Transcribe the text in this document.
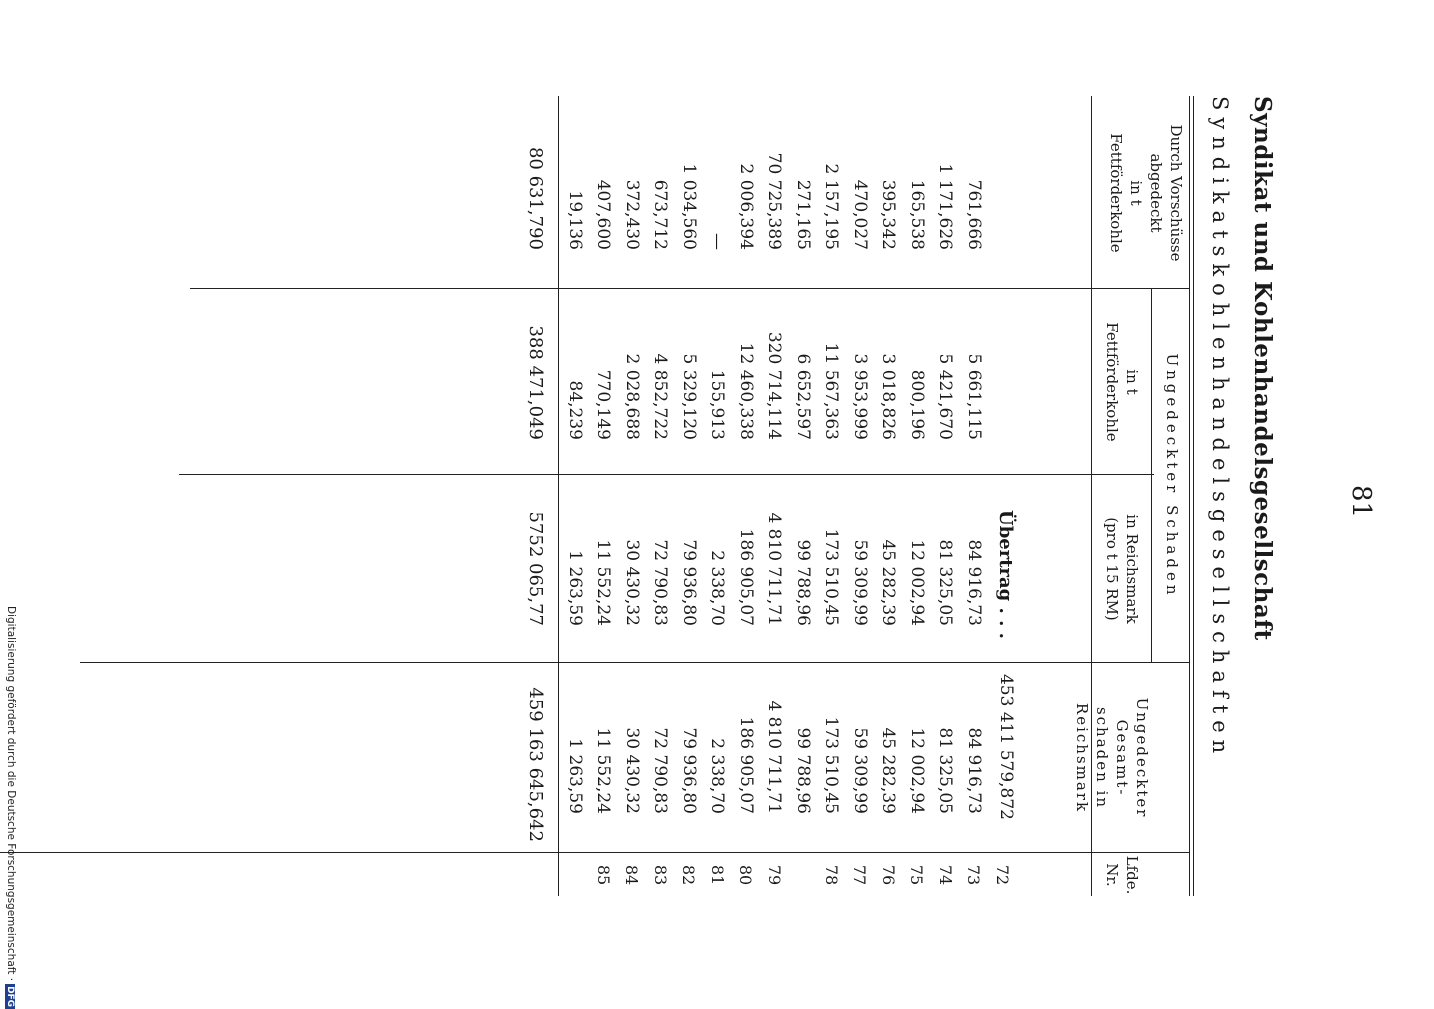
81
Syndikat und Kohlenhandelsgesellschaft
Syndikatskohlenhandelsgesellschaften
Durch Vorschüsse abgedeckt
in t
Fettförderkohle
Ungedeckter Schaden
in t
Fettförderkohle
in Reichsmark
(pro t 15 RM)
Ungedeckter Gesamt-
schaden in Reichsmark
Lfde.
Nr.
Übertrag . . .
453 411 579,872
761,666
5 661,115
84 916,73
84 916,73
72
1 171,626
5 421,670
81 325,05
81 325,05
73
165,538
800,196
12 002,94
12 002,94
74
395,342
3 018,826
45 282,39
45 282,39
75
470,027
3 953,999
59 309,99
59 309,99
76
2 157,195
11 567,363
173 510,45
173 510,45
77
271,165
6 652,597
99 788,96
99 788,96
78
70 725,389
320 714,114
4 810 711,71
4 810 711,71
2 006,394
12 460,338
186 905,07
186 905,07
79
—
155,913
2 338,70
2 338,70
80
1 034,560
5 329,120
79 936,80
79 936,80
81
673,712
4 852,722
72 790,83
72 790,83
82
372,430
2 028,688
30 430,32
30 430,32
83
407,600
770,149
11 552,24
11 552,24
84
19,136
84,239
1 263,59
1 263,59
85
80 631,790
388 471,049
5752 065,77
459 163 645,642
Digitalisierung gefördert durch die Deutsche Forschungsgemeinschaft ·DFG
